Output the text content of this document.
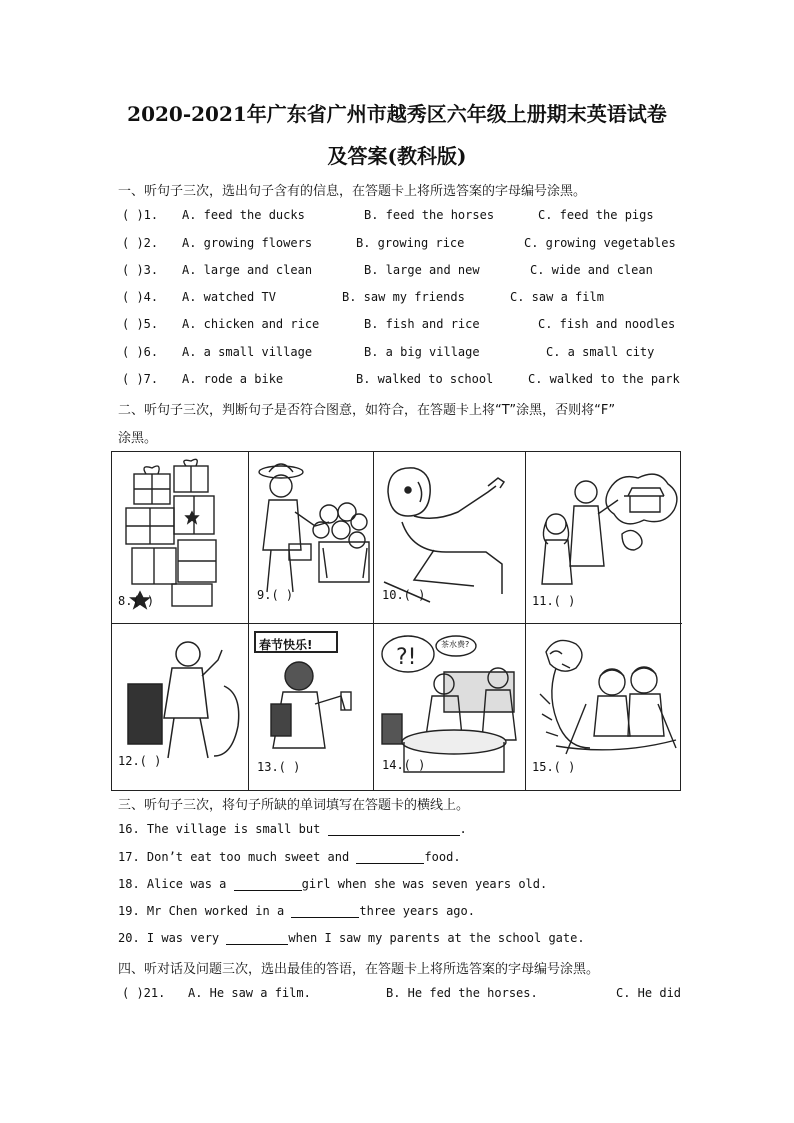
2020-2021年广东省广州市越秀区六年级上册期末英语试卷
及答案(教科版)
一、听句子三次，选出句子含有的信息，在答题卡上将所选答案的字母编号涂黑。
( )1. A. feed the ducks	B. feed the horses	C. feed the pigs
( )2. A. growing flowers	B. growing rice	C. growing vegetables
( )3. A. large and clean	B. large and new	C. wide and clean
( )4. A. watched TV	B. saw my friends	C. saw a film
( )5. A. chicken and rice	B. fish and rice	C. fish and noodles
( )6. A. a small village	B. a big village	C. a small city
( )7. A. rode a bike	B. walked to school	C. walked to the park
二、听句子三次，判断句子是否符合图意，如符合，在答题卡上将“T”涂黑，否则将“F”
涂黑。
8.( )	9.( )	10.( )	11.( )
12.( )
春节快乐!
13.( )
?!
茶水费?
14.( )	15.( )
三、听句子三次，将句子所缺的单词填写在答题卡的横线上。
16. The village is small but	.
17. Don’t eat too much sweet and	food.
18. Alice was a	girl when she was seven years old.
19. Mr Chen worked in a	three years ago.
20. I was very	when I saw my parents at the school gate.
四、听对话及问题三次，选出最佳的答语，在答题卡上将所选答案的字母编号涂黑。
( )21. A. He saw a film.	B. He fed the horses.	C. He did
